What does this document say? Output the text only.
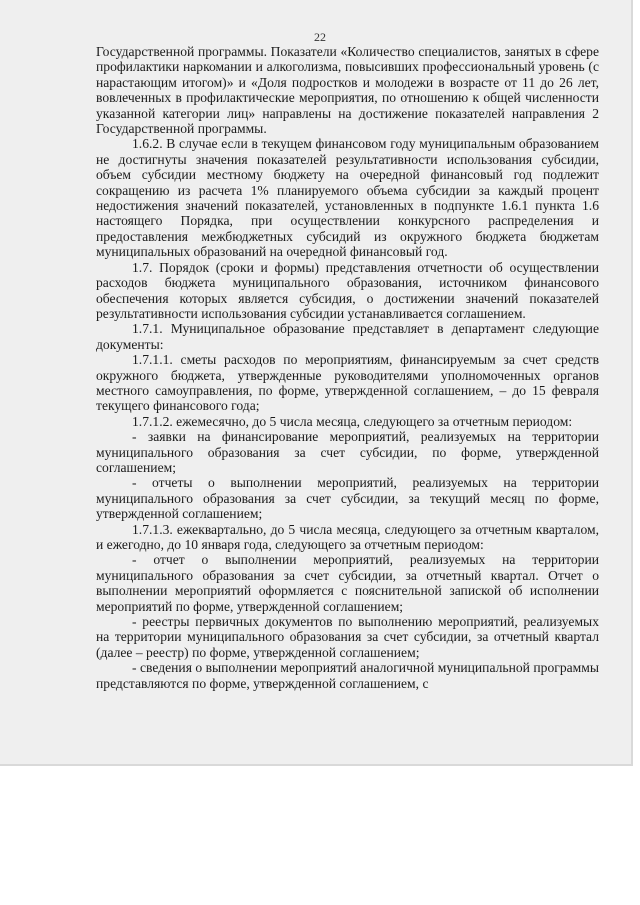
22

Государственной программы. Показатели «Количество специалистов, занятых в сфере профилактики наркомании и алкоголизма, повысивших профессиональный уровень (с нарастающим итогом)» и «Доля подростков и молодежи в возрасте от 11 до 26 лет, вовлеченных в профилактические мероприятия, по отношению к общей численности указанной категории лиц» направлены на достижение показателей направления 2 Государственной программы.

1.6.2. В случае если в текущем финансовом году муниципальным образованием не достигнуты значения показателей результативности использования субсидии, объем субсидии местному бюджету на очередной финансовый год подлежит сокращению из расчета 1% планируемого объема субсидии за каждый процент недостижения значений показателей, установленных в подпункте 1.6.1 пункта 1.6 настоящего Порядка, при осуществлении конкурсного распределения и предоставления межбюджетных субсидий из окружного бюджета бюджетам муниципальных образований на очередной финансовый год.

1.7. Порядок (сроки и формы) представления отчетности об осуществлении расходов бюджета муниципального образования, источником финансового обеспечения которых является субсидия, о достижении значений показателей результативности использования субсидии устанавливается соглашением.

1.7.1. Муниципальное образование представляет в департамент следующие документы:

1.7.1.1. сметы расходов по мероприятиям, финансируемым за счет средств окружного бюджета, утвержденные руководителями уполномоченных органов местного самоуправления, по форме, утвержденной соглашением, – до 15 февраля текущего финансового года;

1.7.1.2. ежемесячно, до 5 числа месяца, следующего за отчетным периодом:

- заявки на финансирование мероприятий, реализуемых на территории муниципального образования за счет субсидии, по форме, утвержденной соглашением;

- отчеты о выполнении мероприятий, реализуемых на территории муниципального образования за счет субсидии, за текущий месяц по форме, утвержденной соглашением;

1.7.1.3. ежеквартально, до 5 числа месяца, следующего за отчетным кварталом, и ежегодно, до 10 января года, следующего за отчетным периодом:

- отчет о выполнении мероприятий, реализуемых на территории муниципального образования за счет субсидии, за отчетный квартал. Отчет о выполнении мероприятий оформляется с пояснительной запиской об исполнении мероприятий по форме, утвержденной соглашением;

- реестры первичных документов по выполнению мероприятий, реализуемых на территории муниципального образования за счет субсидии, за отчетный квартал (далее – реестр) по форме, утвержденной соглашением;

- сведения о выполнении мероприятий аналогичной муниципальной программы представляются по форме, утвержденной соглашением, с
